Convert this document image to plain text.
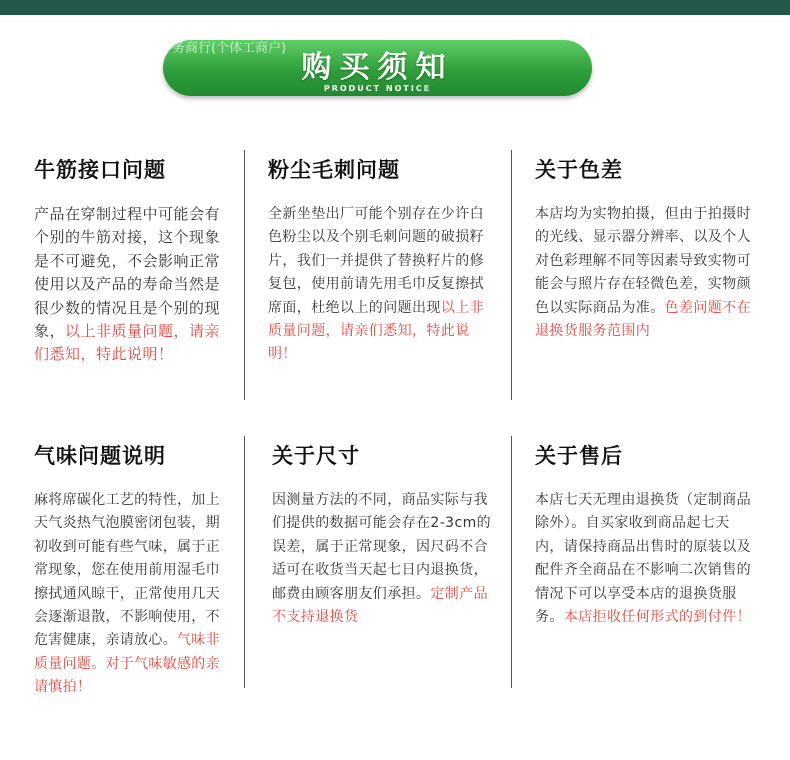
务商行(个体工商户)
购买须知
PRODUCT NOTICE
牛筋接口问题

产品在穿制过程中可能会有个别的牛筋对接，这个现象是不可避免，不会影响正常使用以及产品的寿命当然是很少数的情况且是个别的现象，以上非质量问题，请亲们悉知，特此说明！

粉尘毛刺问题

全新坐垫出厂可能个别存在少许白色粉尘以及个别毛刺问题的破损籽片，我们一并提供了替换籽片的修复包，使用前请先用毛巾反复擦拭席面，杜绝以上的问题出现以上非质量问题，请亲们悉知，特此说明！

关于色差

本店均为实物拍摄，但由于拍摄时的光线、显示器分辨率、以及个人对色彩理解不同等因素导致实物可能会与照片存在轻微色差，实物颜色以实际商品为准。色差问题不在退换货服务范围内

气味问题说明

麻将席碳化工艺的特性，加上天气炎热气泡膜密闭包装，期初收到可能有些气味，属于正常现象，您在使用前用湿毛巾擦拭通风晾干，正常使用几天会逐渐退散，不影响使用，不危害健康，亲请放心。气味非质量问题。对于气味敏感的亲请慎拍！

关于尺寸

因测量方法的不同，商品实际与我们提供的数据可能会存在2-3cm的误差，属于正常现象，因尺码不合适可在收货当天起七日内退换货，邮费由顾客朋友们承担。定制产品不支持退换货

关于售后

本店七天无理由退换货（定制商品除外）。自买家收到商品起七天内，请保持商品出售时的原装以及配件齐全商品在不影响二次销售的情况下可以享受本店的退换货服务。本店拒收任何形式的到付件！
